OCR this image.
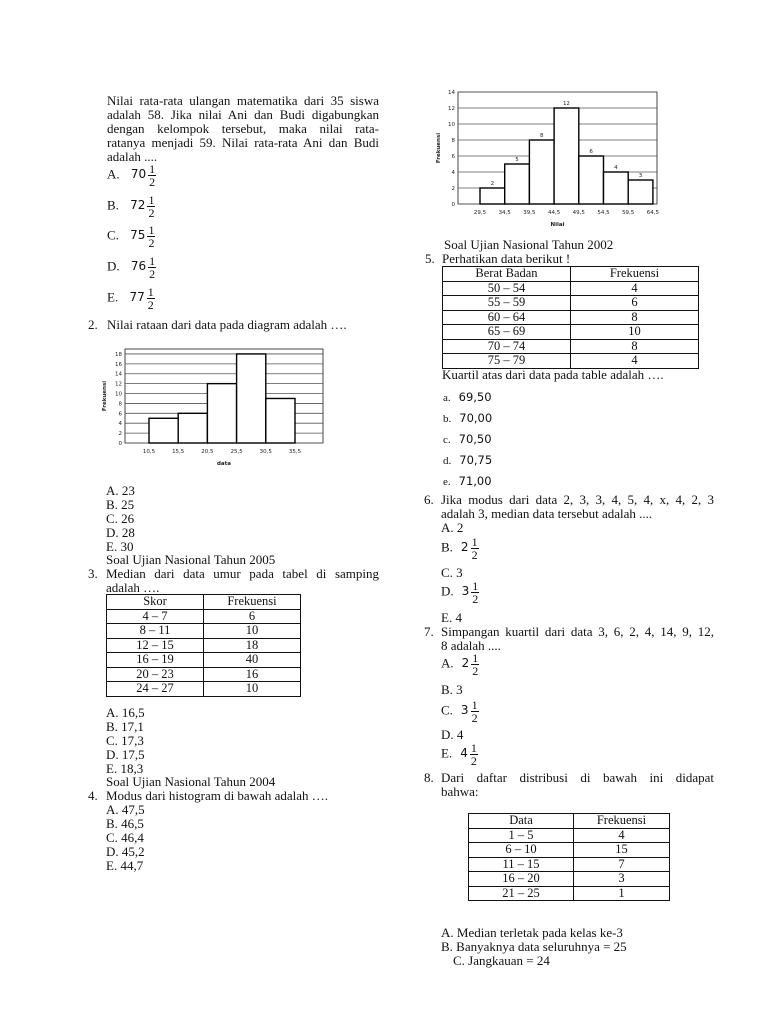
Nilai rata-rata ulangan matematika dari 35 siswa
adalah 58. Jika nilai Ani dan Budi digabungkan
dengan kelompok tersebut, maka nilai rata-
ratanya menjadi 59. Nilai rata-rata Ani dan Budi
adalah ....
A. $70 \frac{1}{2}$
B. $72 \frac{1}{2}$
C. $75 \frac{1}{2}$
D. $76 \frac{1}{2}$
E. $77 \frac{1}{2}$
2. Nilai rataan dari data pada diagram adalah ….
0
2
4
6
8
10
12
14
16
18
10,5	15,5	20,5	25,5	30,5	35,5
data
Frekuensi
A. 23
B. 25
C. 26
D. 28
E. 30
Soal Ujian Nasional Tahun 2005
3. Median dari data umur pada tabel di samping
adalah ….
Skor	Frekuensi
4 – 7	6
8 – 11	10
12 – 15	18
16 – 19	40
20 – 23	16
24 – 27	10
A. 16,5
B. 17,1
C. 17,3
D. 17,5
E. 18,3
Soal Ujian Nasional Tahun 2004
4. Modus dari histogram di bawah adalah ….
A. 47,5
B. 46,5
C. 46,4
D. 45,2
E. 44,7
0
2
4
6
8
10
12
14
2
5
8
12
6
4
3
29,5 34,5 39,5 44,5 49,5 54,5 59,5 64,5
Nilai
Frekuensi
Soal Ujian Nasional Tahun 2002
5. Perhatikan data berikut !
Berat Badan	Frekuensi
50 – 54	4
55 – 59	6
60 – 64	8
65 – 69	10
70 – 74	8
75 – 79	4
Kuartil atas dari data pada table adalah ….
a. 69,50
b. 70,00
c. 70,50
d. 70,75
e. 71,00
6. Jika modus dari data 2, 3, 3, 4, 5, 4, x, 4, 2, 3
adalah 3, median data tersebut adalah ....
A. 2
B. $2 \frac{1}{2}$
C. 3
D. $3 \frac{1}{2}$
E. 4
7. Simpangan kuartil dari data 3, 6, 2, 4, 14, 9, 12,
8 adalah ....
A. $2 \frac{1}{2}$
B. 3
C. $3 \frac{1}{2}$
D. 4
E. $4 \frac{1}{2}$
8. Dari daftar distribusi di bawah ini didapat
bahwa:
Data	Frekuensi
1 – 5	4
6 – 10	15
11 – 15	7
16 – 20	3
21 – 25	1
A. Median terletak pada kelas ke-3
B. Banyaknya data seluruhnya = 25
C. Jangkauan = 24
